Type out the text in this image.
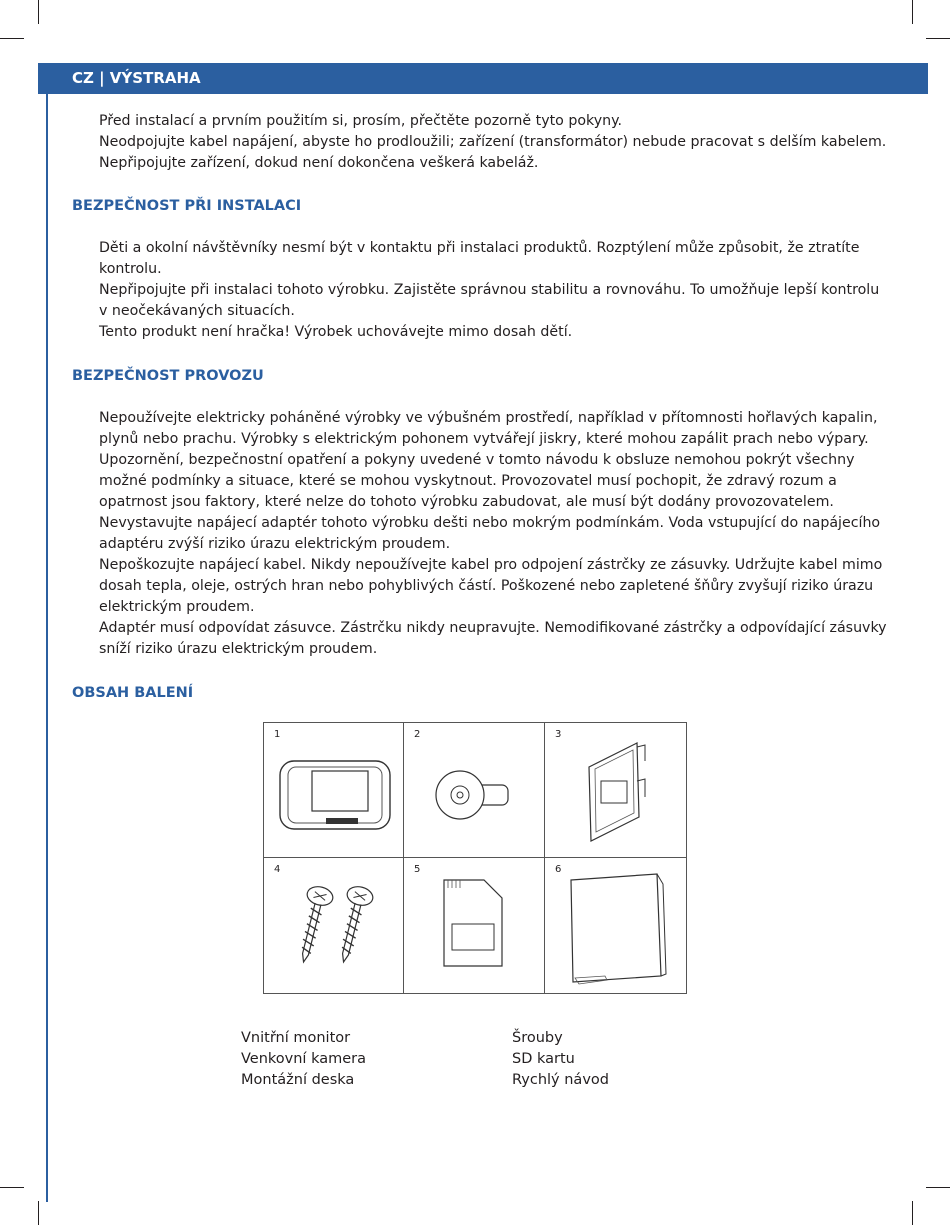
CZ | VÝSTRAHA

Před instalací a prvním použitím si, prosím, přečtěte pozorně tyto pokyny.

Neodpojujte kabel napájení, abyste ho prodloužili; zařízení (transformátor) nebude pracovat s delším kabelem.

Nepřipojujte zařízení, dokud není dokončena veškerá kabeláž.

BEZPEČNOST PŘI INSTALACI

Děti a okolní návštěvníky nesmí být v kontaktu při instalaci produktů. Rozptýlení může způsobit, že ztratíte kontrolu.

Nepřipojujte při instalaci tohoto výrobku. Zajistěte správnou stabilitu a rovnováhu. To umožňuje lepší kontrolu v neočekávaných situacích.

Tento produkt není hračka! Výrobek uchovávejte mimo dosah dětí.

BEZPEČNOST PROVOZU

Nepoužívejte elektricky poháněné výrobky ve výbušném prostředí, například v přítomnosti hořlavých kapalin, plynů nebo prachu. Výrobky s elektrickým pohonem vytvářejí jiskry, které mohou zapálit prach nebo výpary.

Upozornění, bezpečnostní opatření a pokyny uvedené v tomto návodu k obsluze nemohou pokrýt všechny možné podmínky a situace, které se mohou vyskytnout. Provozovatel musí pochopit, že zdravý rozum a opatrnost jsou faktory, které nelze do tohoto výrobku zabudovat, ale musí být dodány provozovatelem.

Nevystavujte napájecí adaptér tohoto výrobku dešti nebo mokrým podmínkám. Voda vstupující do napájecího adaptéru zvýší riziko úrazu elektrickým proudem.

Nepoškozujte napájecí kabel. Nikdy nepoužívejte kabel pro odpojení zástrčky ze zásuvky. Udržujte kabel mimo dosah tepla, oleje, ostrých hran nebo pohyblivých částí. Poškozené nebo zapletené šňůry zvyšují riziko úrazu elektrickým proudem.

Adaptér musí odpovídat zásuvce. Zástrčku nikdy neupravujte. Nemodifikované zástrčky a odpovídající zásuvky sníží riziko úrazu elektrickým proudem.

OBSAH BALENÍ
1	2	3
4	5	6
Vnitřní monitor
Venkovní kamera
Montážní deska
Šrouby
SD kartu
Rychlý návod
